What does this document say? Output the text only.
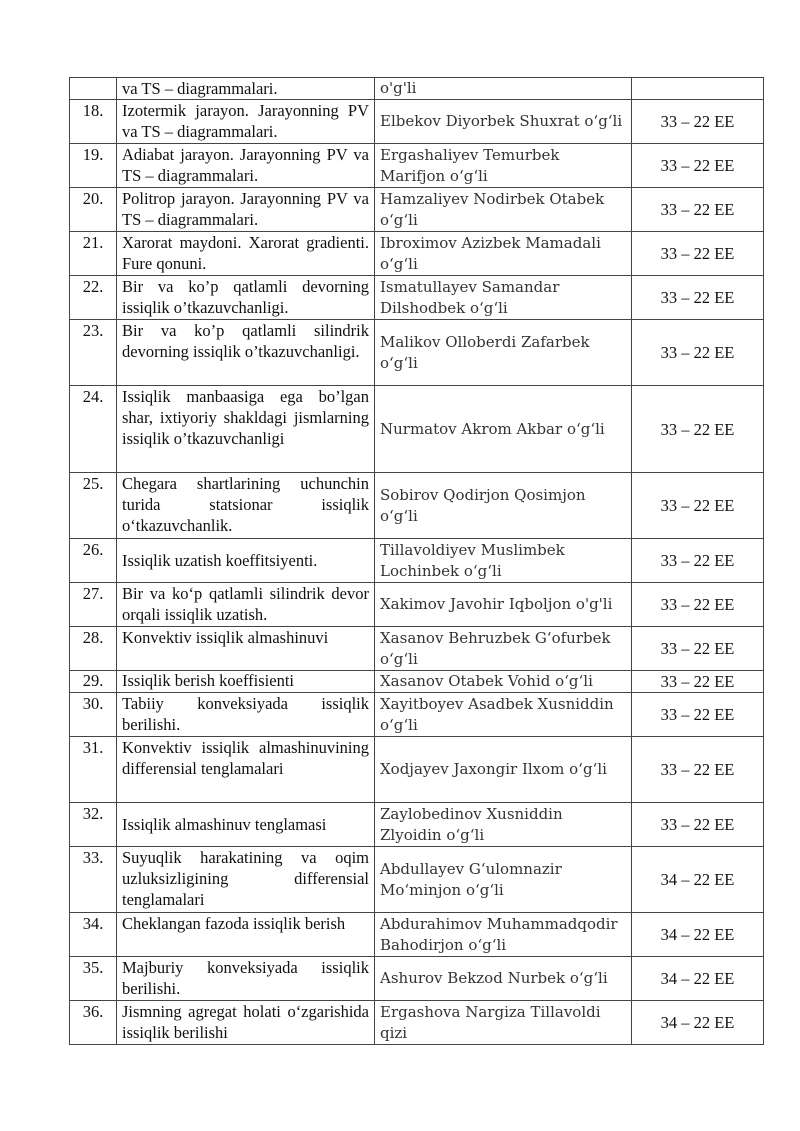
	va TS – diagrammalari.	o'g'li	
18.	Izotermik jarayon. Jarayonning PV va TS – diagrammalari.	Elbekov Diyorbek Shuxrat o‘g‘li	33 – 22 EE
19.	Adiabat jarayon. Jarayonning PV va TS – diagrammalari.	Ergashaliyev Temurbek Marifjon o‘g‘li	33 – 22 EE
20.	Politrop jarayon. Jarayonning PV va TS – diagrammalari.	Hamzaliyev Nodirbek Otabek o‘g‘li	33 – 22 EE
21.	Xarorat maydoni. Xarorat gradienti. Fure qonuni.	Ibroximov Azizbek Mamadali o‘g‘li	33 – 22 EE
22.	Bir va ko’p qatlamli devorning issiqlik o’tkazuvchanligi.	Ismatullayev Samandar Dilshodbek o‘g‘li	33 – 22 EE
23.	Bir va ko’p qatlamli silindrik devorning issiqlik o’tkazuvchanligi.	Malikov Olloberdi Zafarbek o‘g‘li	33 – 22 EE
24.	Issiqlik manbaasiga ega bo’lgan shar, ixtiyoriy shakldagi jismlarning issiqlik o’tkazuvchanligi	Nurmatov Akrom Akbar o‘g‘li	33 – 22 EE
25.	Chegara shartlarining uchunchin turida statsionar issiqlik o‘tkazuvchanlik.	Sobirov Qodirjon Qosimjon o‘g‘li	33 – 22 EE
26.	Issiqlik uzatish koeffitsiyenti.	Tillavoldiyev Muslimbek Lochinbek o‘g‘li	33 – 22 EE
27.	Bir va ko‘p qatlamli silindrik devor orqali issiqlik uzatish.	Xakimov Javohir Iqboljon o'g'li	33 – 22 EE
28.	Konvektiv issiqlik almashinuvi	Xasanov Behruzbek G‘ofurbek o‘g‘li	33 – 22 EE
29.	Issiqlik berish koeffisienti	Xasanov Otabek Vohid o‘g‘li	33 – 22 EE
30.	Tabiiy konveksiyada issiqlik berilishi.	Xayitboyev Asadbek Xusniddin o‘g‘li	33 – 22 EE
31.	Konvektiv issiqlik almashinuvining differensial tenglamalari	Xodjayev Jaxongir Ilxom o‘g‘li	33 – 22 EE
32.	Issiqlik almashinuv tenglamasi	Zaylobedinov Xusniddin Zlyoidin o‘g‘li	33 – 22 EE
33.	Suyuqlik harakatining va oqim uzluksizligining differensial tenglamalari	Abdullayev G‘ulomnazir Mo‘minjon o‘g‘li	34 – 22 EE
34.	Cheklangan fazoda issiqlik berish	Abdurahimov Muhammadqodir Bahodirjon o‘g‘li	34 – 22 EE
35.	Majburiy konveksiyada issiqlik berilishi.	Ashurov Bekzod Nurbek o‘g‘li	34 – 22 EE
36.	Jismning agregat holati o‘zgarishida issiqlik berilishi	Ergashova Nargiza Tillavoldi qizi	34 – 22 EE
